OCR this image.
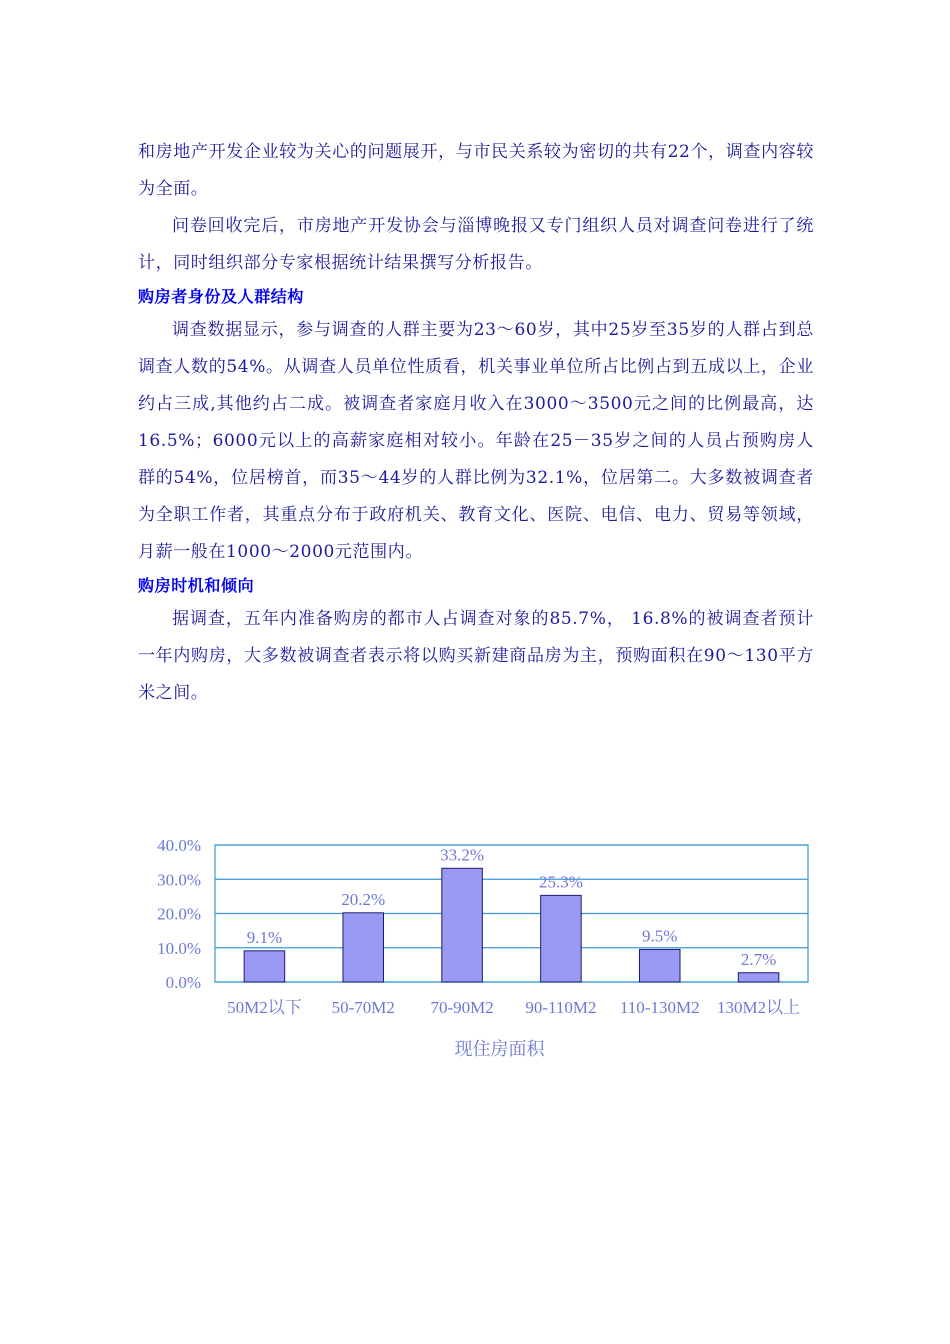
和房地产开发企业较为关心的问题展开，与市民关系较为密切的共有22个，调查内容较为全面。

问卷回收完后，市房地产开发协会与淄博晚报又专门组织人员对调查问卷进行了统计，同时组织部分专家根据统计结果撰写分析报告。

购房者身份及人群结构

调查数据显示，参与调查的人群主要为23～60岁，其中25岁至35岁的人群占到总调查人数的54%。从调查人员单位性质看，机关事业单位所占比例占到五成以上，企业约占三成,其他约占二成。被调查者家庭月收入在3000～3500元之间的比例最高，达16.5%；6000元以上的高薪家庭相对较小。年龄在25－35岁之间的人员占预购房人群的54%，位居榜首，而35～44岁的人群比例为32.1%，位居第二。大多数被调查者为全职工作者，其重点分布于政府机关、教育文化、医院、电信、电力、贸易等领域，月薪一般在1000～2000元范围内。

购房时机和倾向

据调查，五年内准备购房的都市人占调查对象的85.7%， 16.8%的被调查者预计一年内购房，大多数被调查者表示将以购买新建商品房为主，预购面积在90～130平方米之间。

0.0%
10.0%
20.0%
30.0%
40.0%
9.1%
50M2以下
20.2%
50-70M2
33.2%
70-90M2
25.3%
90-110M2
9.5%
110-130M2
2.7%
130M2以上
现住房面积
